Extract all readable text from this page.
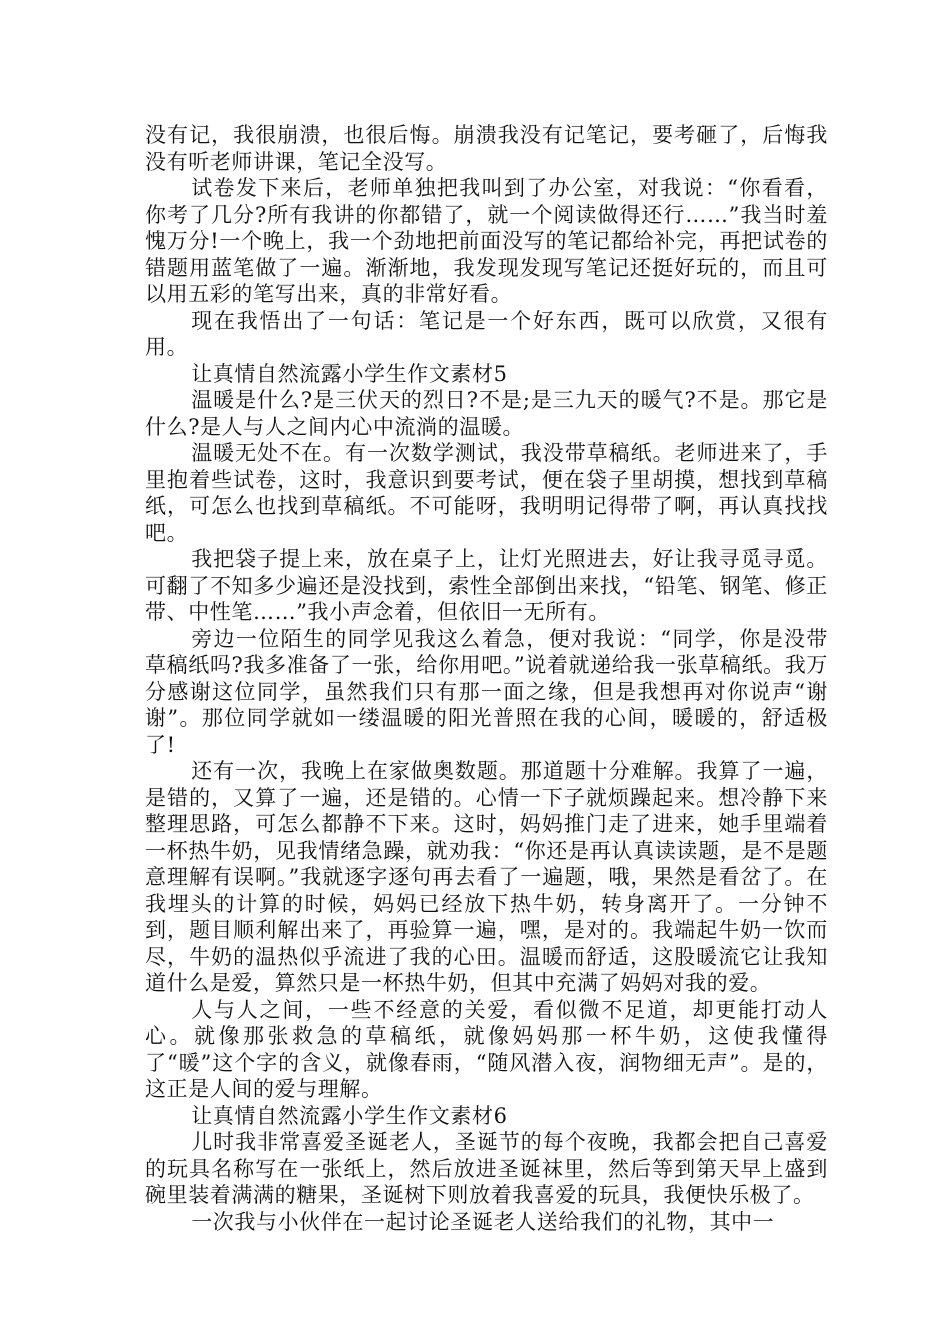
没有记，我很崩溃，也很后悔。崩溃我没有记笔记，要考砸了，后悔我没有听老师讲课，笔记全没写。

试卷发下来后，老师单独把我叫到了办公室，对我说：“你看看，你考了几分?所有我讲的你都错了，就一个阅读做得还行……”我当时羞愧万分!一个晚上，我一个劲地把前面没写的笔记都给补完，再把试卷的错题用蓝笔做了一遍。渐渐地，我发现发现写笔记还挺好玩的，而且可以用五彩的笔写出来，真的非常好看。

现在我悟出了一句话：笔记是一个好东西，既可以欣赏，又很有用。

让真情自然流露小学生作文素材5

温暖是什么?是三伏天的烈日?不是;是三九天的暖气?不是。那它是什么?是人与人之间内心中流淌的温暖。

温暖无处不在。有一次数学测试，我没带草稿纸。老师进来了，手里抱着些试卷，这时，我意识到要考试，便在袋子里胡摸，想找到草稿纸，可怎么也找到草稿纸。不可能呀，我明明记得带了啊，再认真找找吧。

我把袋子提上来，放在桌子上，让灯光照进去，好让我寻觅寻觅。可翻了不知多少遍还是没找到，索性全部倒出来找，“铅笔、钢笔、修正带、中性笔……”我小声念着，但依旧一无所有。

旁边一位陌生的同学见我这么着急，便对我说：“同学，你是没带草稿纸吗?我多准备了一张，给你用吧。”说着就递给我一张草稿纸。我万分感谢这位同学，虽然我们只有那一面之缘，但是我想再对你说声“谢谢”。那位同学就如一缕温暖的阳光普照在我的心间，暖暖的，舒适极了!

还有一次，我晚上在家做奥数题。那道题十分难解。我算了一遍，是错的，又算了一遍，还是错的。心情一下子就烦躁起来。想冷静下来整理思路，可怎么都静不下来。这时，妈妈推门走了进来，她手里端着一杯热牛奶，见我情绪急躁，就劝我：“你还是再认真读读题，是不是题意理解有误啊。”我就逐字逐句再去看了一遍题，哦，果然是看岔了。在我埋头的计算的时候，妈妈已经放下热牛奶，转身离开了。一分钟不到，题目顺利解出来了，再验算一遍，嘿，是对的。我端起牛奶一饮而尽，牛奶的温热似乎流进了我的心田。温暖而舒适，这股暖流它让我知道什么是爱，算然只是一杯热牛奶，但其中充满了妈妈对我的爱。

人与人之间，一些不经意的关爱，看似微不足道，却更能打动人心。就像那张救急的草稿纸，就像妈妈那一杯牛奶，这使我懂得了“暖”这个字的含义，就像春雨，“随风潜入夜，润物细无声”。是的，这正是人间的爱与理解。

让真情自然流露小学生作文素材6

儿时我非常喜爱圣诞老人，圣诞节的每个夜晚，我都会把自己喜爱的玩具名称写在一张纸上，然后放进圣诞袜里，然后等到第天早上盛到碗里装着满满的糖果，圣诞树下则放着我喜爱的玩具，我便快乐极了。

一次我与小伙伴在一起讨论圣诞老人送给我们的礼物，其中一
